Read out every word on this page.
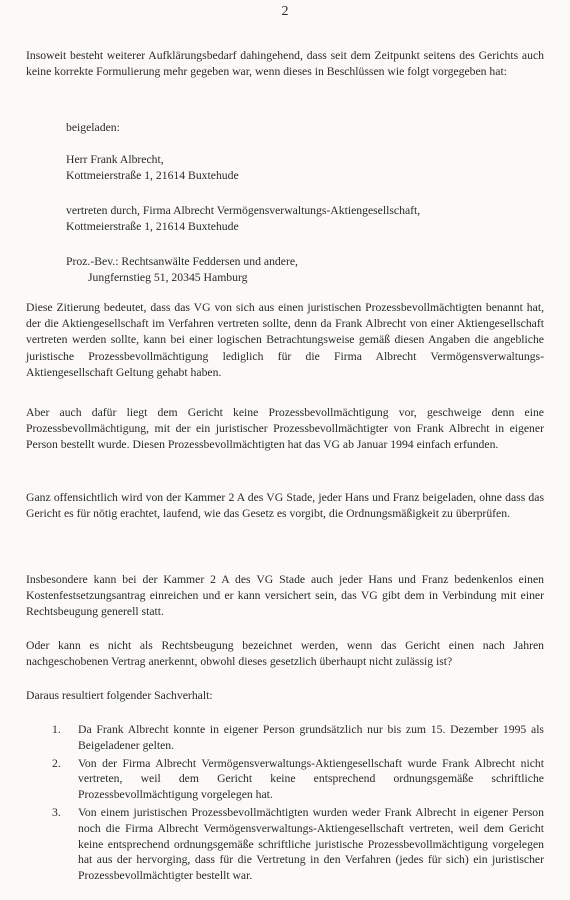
2
Insoweit besteht weiterer Aufklärungsbedarf dahingehend, dass seit dem Zeitpunkt seitens des Gerichts auch keine korrekte Formulierung mehr gegeben war, wenn dieses in Beschlüssen wie folgt vorgegeben hat:
beigeladen:
Herr Frank Albrecht,
Kottmeierstraße 1, 21614 Buxtehude
vertreten durch, Firma Albrecht Vermögensverwaltungs-Aktiengesellschaft,
Kottmeierstraße 1, 21614 Buxtehude
Proz.-Bev.: Rechtsanwälte Feddersen und andere,
Jungfernstieg 51, 20345 Hamburg
Diese Zitierung bedeutet, dass das VG von sich aus einen juristischen Prozessbevollmächtigten benannt hat, der die Aktiengesellschaft im Verfahren vertreten sollte, denn da Frank Albrecht von einer Aktiengesellschaft vertreten werden sollte, kann bei einer logischen Betrachtungsweise gemäß diesen Angaben die angebliche juristische Prozessbevollmächtigung lediglich für die Firma Albrecht Vermögensverwaltungs-Aktiengesellschaft Geltung gehabt haben.
Aber auch dafür liegt dem Gericht keine Prozessbevollmächtigung vor, geschweige denn eine Prozessbevollmächtigung, mit der ein juristischer Prozessbevollmächtigter von Frank Albrecht in eigener Person bestellt wurde. Diesen Prozessbevollmächtigten hat das VG ab Januar 1994 einfach erfunden.
Ganz offensichtlich wird von der Kammer 2 A des VG Stade, jeder Hans und Franz beigeladen, ohne dass das Gericht es für nötig erachtet, laufend, wie das Gesetz es vorgibt, die Ordnungsmäßigkeit zu überprüfen.
Insbesondere kann bei der Kammer 2 A des VG Stade auch jeder Hans und Franz bedenkenlos einen Kostenfestsetzungsantrag einreichen und er kann versichert sein, das VG gibt dem in Verbindung mit einer Rechtsbeugung generell statt.
Oder kann es nicht als Rechtsbeugung bezeichnet werden, wenn das Gericht einen nach Jahren nachgeschobenen Vertrag anerkennt, obwohl dieses gesetzlich überhaupt nicht zulässig ist?
Daraus resultiert folgender Sachverhalt:
1. Da Frank Albrecht konnte in eigener Person grundsätzlich nur bis zum 15. Dezember 1995 als Beigeladener gelten.
2. Von der Firma Albrecht Vermögensverwaltungs-Aktiengesellschaft wurde Frank Albrecht nicht vertreten, weil dem Gericht keine entsprechend ordnungsgemäße schriftliche Prozessbevollmächtigung vorgelegen hat.
3. Von einem juristischen Prozessbevollmächtigten wurden weder Frank Albrecht in eigener Person noch die Firma Albrecht Vermögensverwaltungs-Aktiengesellschaft vertreten, weil dem Gericht keine entsprechend ordnungsgemäße schriftliche juristische Prozessbevollmächtigung vorgelegen hat aus der hervorging, dass für die Vertretung in den Verfahren (jedes für sich) ein juristischer Prozessbevollmächtigter bestellt war.
